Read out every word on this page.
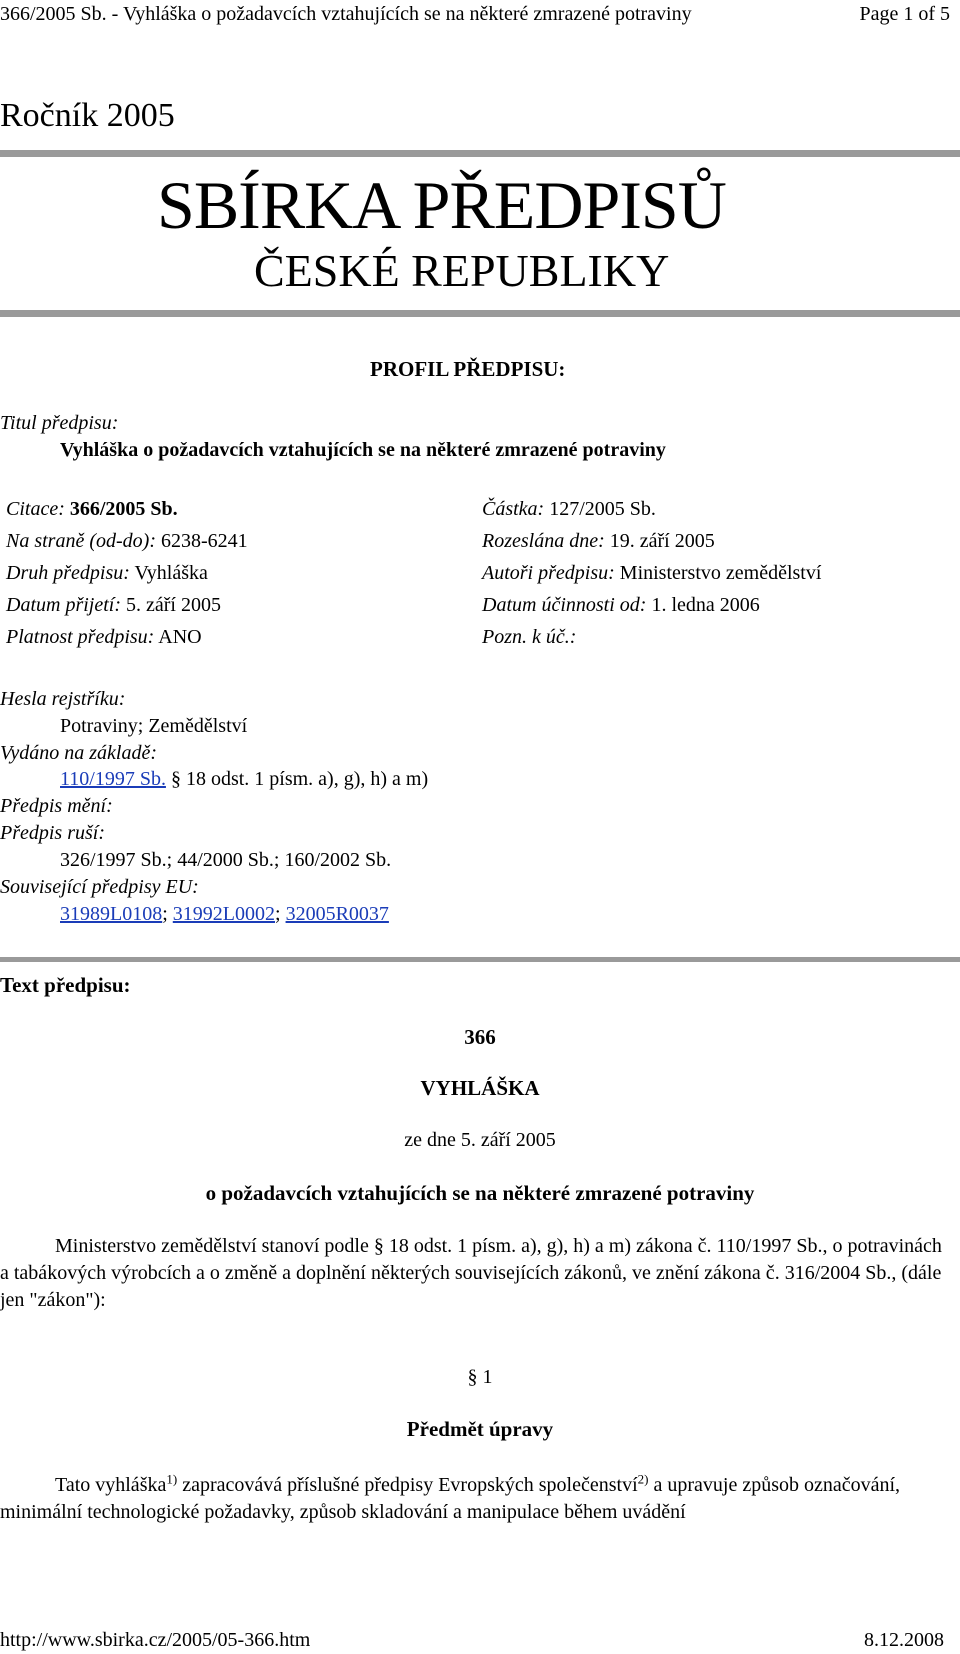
366/2005 Sb. - Vyhláška o požadavcích vztahujících se na některé zmrazené potraviny	Page 1 of 5
Ročník 2005
SBÍRKA PŘEDPISŮ
ČESKÉ REPUBLIKY
PROFIL PŘEDPISU:
Titul předpisu:
Vyhláška o požadavcích vztahujících se na některé zmrazené potraviny
Citace: 366/2005 Sb.
Na straně (od-do): 6238-6241
Druh předpisu: Vyhláška
Datum přijetí: 5. září 2005
Platnost předpisu: ANO
Částka: 127/2005 Sb.
Rozeslána dne: 19. září 2005
Autoři předpisu: Ministerstvo zemědělství
Datum účinnosti od: 1. ledna 2006
Pozn. k úč.:
Hesla rejstříku:
Potraviny; Zemědělství
Vydáno na základě:
110/1997 Sb. § 18 odst. 1 písm. a), g), h) a m)
Předpis mění:
Předpis ruší:
326/1997 Sb.; 44/2000 Sb.; 160/2002 Sb.
Související předpisy EU:
31989L0108; 31992L0002; 32005R0037
Text předpisu:
366
VYHLÁŠKA
ze dne 5. září 2005
o požadavcích vztahujících se na některé zmrazené potraviny
Ministerstvo zemědělství stanoví podle § 18 odst. 1 písm. a), g), h) a m) zákona č. 110/1997 Sb., o potravinách a tabákových výrobcích a o změně a doplnění některých souvisejících zákonů, ve znění zákona č. 316/2004 Sb., (dále jen "zákon"):
§ 1
Předmět úpravy
Tato vyhláška$^{1)}$ zapracovává příslušné předpisy Evropských společenství$^{2)}$ a upravuje způsob označování, minimální technologické požadavky, způsob skladování a manipulace během uvádění
http://www.sbirka.cz/2005/05-366.htm	8.12.2008
